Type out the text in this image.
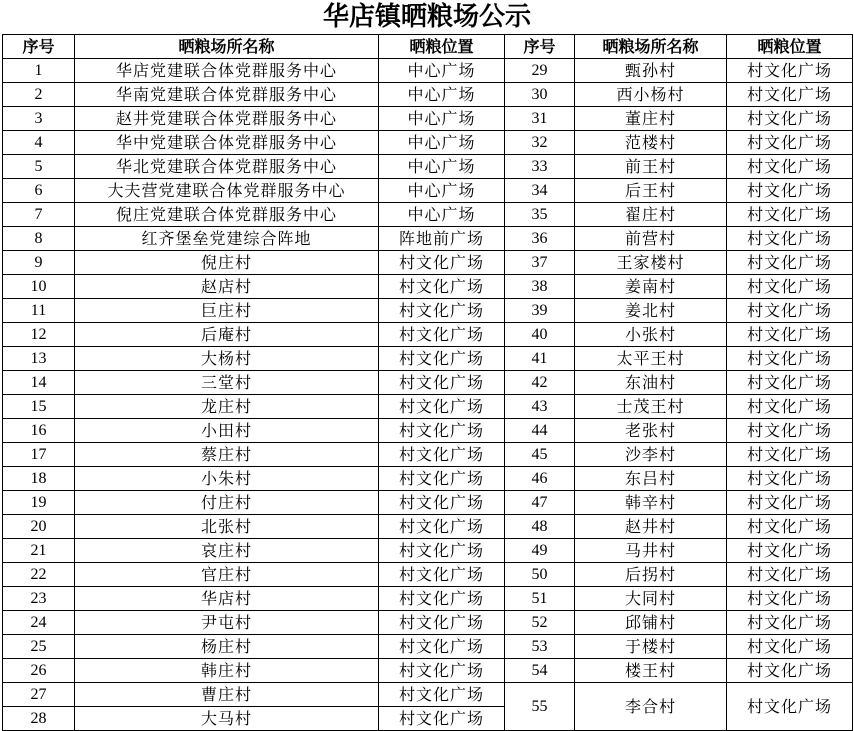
华店镇晒粮场公示
序号	晒粮场所名称	晒粮位置	序号	晒粮场所名称	晒粮位置
1	华店党建联合体党群服务中心	中心广场	29	甄孙村	村文化广场
2	华南党建联合体党群服务中心	中心广场	30	西小杨村	村文化广场
3	赵井党建联合体党群服务中心	中心广场	31	董庄村	村文化广场
4	华中党建联合体党群服务中心	中心广场	32	范楼村	村文化广场
5	华北党建联合体党群服务中心	中心广场	33	前王村	村文化广场
6	大夫营党建联合体党群服务中心	中心广场	34	后王村	村文化广场
7	倪庄党建联合体党群服务中心	中心广场	35	翟庄村	村文化广场
8	红齐堡垒党建综合阵地	阵地前广场	36	前营村	村文化广场
9	倪庄村	村文化广场	37	王家楼村	村文化广场
10	赵店村	村文化广场	38	姜南村	村文化广场
11	巨庄村	村文化广场	39	姜北村	村文化广场
12	后庵村	村文化广场	40	小张村	村文化广场
13	大杨村	村文化广场	41	太平王村	村文化广场
14	三堂村	村文化广场	42	东油村	村文化广场
15	龙庄村	村文化广场	43	士茂王村	村文化广场
16	小田村	村文化广场	44	老张村	村文化广场
17	蔡庄村	村文化广场	45	沙李村	村文化广场
18	小朱村	村文化广场	46	东吕村	村文化广场
19	付庄村	村文化广场	47	韩辛村	村文化广场
20	北张村	村文化广场	48	赵井村	村文化广场
21	哀庄村	村文化广场	49	马井村	村文化广场
22	官庄村	村文化广场	50	后拐村	村文化广场
23	华店村	村文化广场	51	大同村	村文化广场
24	尹屯村	村文化广场	52	邱铺村	村文化广场
25	杨庄村	村文化广场	53	于楼村	村文化广场
26	韩庄村	村文化广场	54	楼王村	村文化广场
27	曹庄村	村文化广场	55	李合村	村文化广场
28	大马村	村文化广场			
